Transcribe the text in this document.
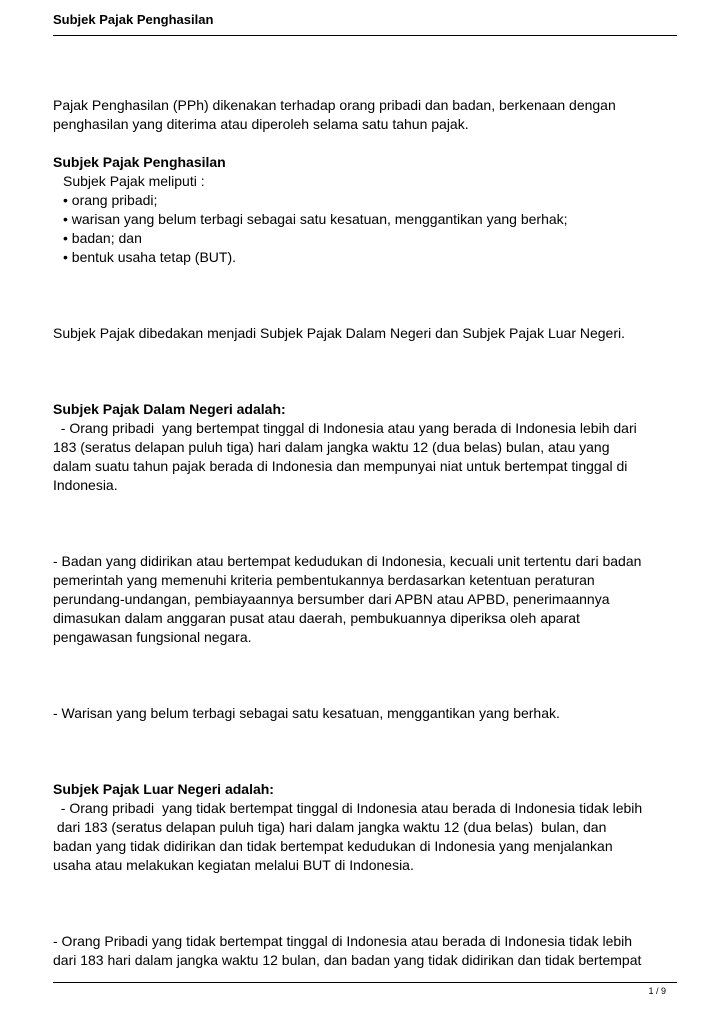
Subjek Pajak Penghasilan

Pajak Penghasilan (PPh) dikenakan terhadap orang pribadi dan badan, berkenaan dengan

penghasilan yang diterima atau diperoleh selama satu tahun pajak.

Subjek Pajak Penghasilan

Subjek Pajak meliputi :

• orang pribadi;

• warisan yang belum terbagi sebagai satu kesatuan, menggantikan yang berhak;

• badan; dan

• bentuk usaha tetap (BUT).

Subjek Pajak dibedakan menjadi Subjek Pajak Dalam Negeri dan Subjek Pajak Luar Negeri.

Subjek Pajak Dalam Negeri adalah:

- Orang pribadi  yang bertempat tinggal di Indonesia atau yang berada di Indonesia lebih dari

183 (seratus delapan puluh tiga) hari dalam jangka waktu 12 (dua belas) bulan, atau yang

dalam suatu tahun pajak berada di Indonesia dan mempunyai niat untuk bertempat tinggal di

Indonesia.

- Badan yang didirikan atau bertempat kedudukan di Indonesia, kecuali unit tertentu dari badan

pemerintah yang memenuhi kriteria pembentukannya berdasarkan ketentuan peraturan

perundang-undangan, pembiayaannya bersumber dari APBN atau APBD, penerimaannya

dimasukan dalam anggaran pusat atau daerah, pembukuannya diperiksa oleh aparat

pengawasan fungsional negara.

- Warisan yang belum terbagi sebagai satu kesatuan, menggantikan yang berhak.

Subjek Pajak Luar Negeri adalah:

- Orang pribadi  yang tidak bertempat tinggal di Indonesia atau berada di Indonesia tidak lebih

dari 183 (seratus delapan puluh tiga) hari dalam jangka waktu 12 (dua belas)  bulan, dan

badan yang tidak didirikan dan tidak bertempat kedudukan di Indonesia yang menjalankan

usaha atau melakukan kegiatan melalui BUT di Indonesia.

- Orang Pribadi yang tidak bertempat tinggal di Indonesia atau berada di Indonesia tidak lebih

dari 183 hari dalam jangka waktu 12 bulan, dan badan yang tidak didirikan dan tidak bertempat

1 / 9
